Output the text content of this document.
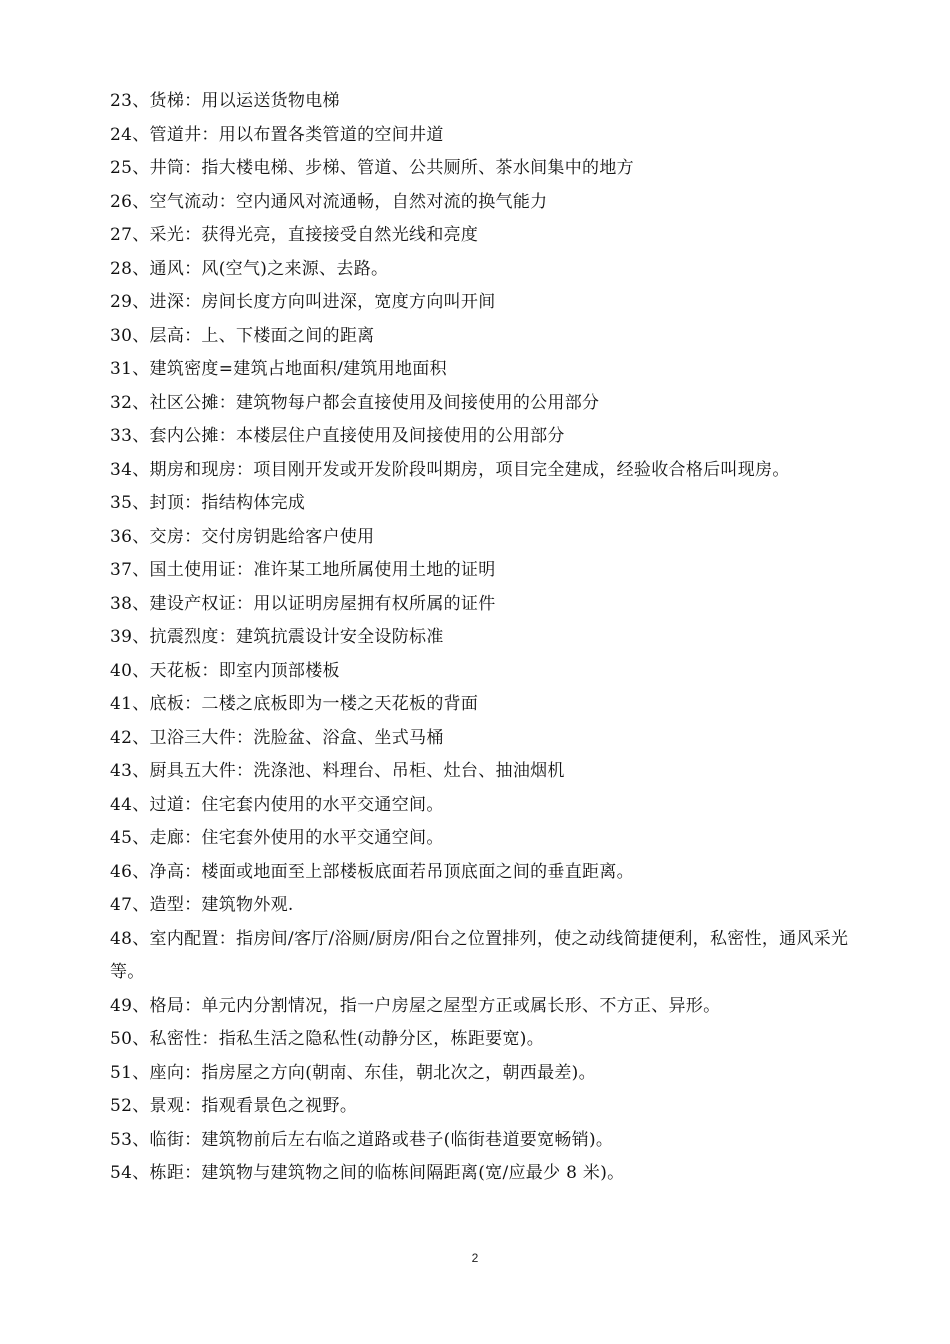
23、货梯：用以运送货物电梯

24、管道井：用以布置各类管道的空间井道

25、井筒：指大楼电梯、步梯、管道、公共厕所、茶水间集中的地方

26、空气流动：空内通风对流通畅，自然对流的换气能力

27、采光：获得光亮，直接接受自然光线和亮度

28、通风：风(空气)之来源、去路。

29、进深：房间长度方向叫进深，宽度方向叫开间

30、层高：上、下楼面之间的距离

31、建筑密度=建筑占地面积/建筑用地面积

32、社区公摊：建筑物每户都会直接使用及间接使用的公用部分

33、套内公摊：本楼层住户直接使用及间接使用的公用部分

34、期房和现房：项目刚开发或开发阶段叫期房，项目完全建成，经验收合格后叫现房。

35、封顶：指结构体完成

36、交房：交付房钥匙给客户使用

37、国土使用证：准许某工地所属使用土地的证明

38、建设产权证：用以证明房屋拥有权所属的证件

39、抗震烈度：建筑抗震设计安全设防标准

40、天花板：即室内顶部楼板

41、底板：二楼之底板即为一楼之天花板的背面

42、卫浴三大件：洗脸盆、浴盒、坐式马桶

43、厨具五大件：洗涤池、料理台、吊柜、灶台、抽油烟机

44、过道：住宅套内使用的水平交通空间。

45、走廊：住宅套外使用的水平交通空间。

46、净高：楼面或地面至上部楼板底面若吊顶底面之间的垂直距离。

47、造型：建筑物外观.

48、室内配置：指房间/客厅/浴厕/厨房/阳台之位置排列，使之动线简捷便利，私密性，通风采光等。

49、格局：单元内分割情况，指一户房屋之屋型方正或属长形、不方正、异形。

50、私密性：指私生活之隐私性(动静分区，栋距要宽)。

51、座向：指房屋之方向(朝南、东佳，朝北次之，朝西最差)。

52、景观：指观看景色之视野。

53、临街：建筑物前后左右临之道路或巷子(临街巷道要宽畅销)。

54、栋距：建筑物与建筑物之间的临栋间隔距离(宽/应最少 8 米)。

2
